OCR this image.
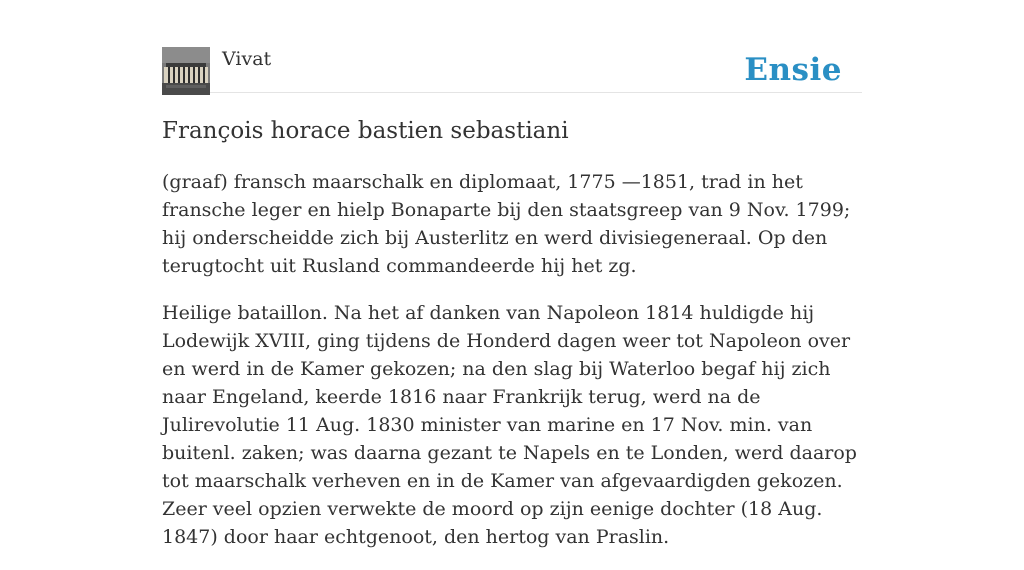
Vivat	Ensie
François horace bastien sebastiani

(graaf) fransch maarschalk en diplomaat, 1775 —1851, trad in het fransche leger en hielp Bonaparte bij den staatsgreep van 9 Nov. 1799; hij onderscheidde zich bij Austerlitz en werd divisiegeneraal. Op den terugtocht uit Rusland commandeerde hij het zg.

Heilige bataillon. Na het af danken van Napoleon 1814 huldigde hij Lodewijk XVIII, ging tijdens de Honderd dagen weer tot Napoleon over en werd in de Kamer gekozen; na den slag bij Waterloo begaf hij zich naar Engeland, keerde 1816 naar Frankrijk terug, werd na de Julirevolutie 11 Aug. 1830 minister van marine en 17 Nov. min. van buitenl. zaken; was daarna gezant te Napels en te Londen, werd daarop tot maarschalk verheven en in de Kamer van afgevaardigden gekozen. Zeer veel opzien verwekte de moord op zijn eenige dochter (18 Aug. 1847) door haar echtgenoot, den hertog van Praslin.
